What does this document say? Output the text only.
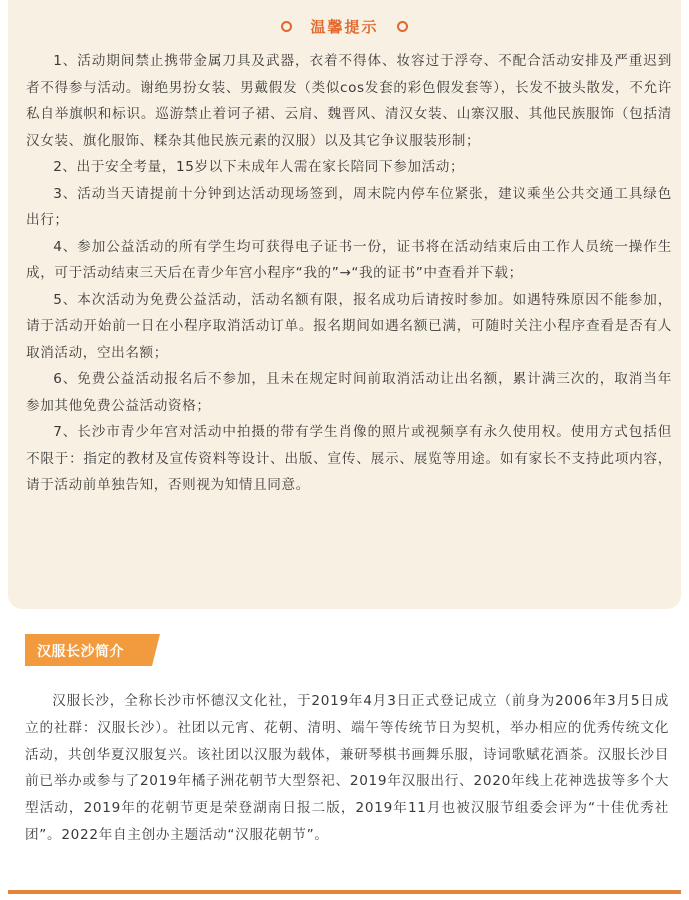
温馨提示

1、活动期间禁止携带金属刀具及武器，衣着不得体、妆容过于浮夸、不配合活动安排及严重迟到者不得参与活动。谢绝男扮女装、男戴假发（类似cos发套的彩色假发套等），长发不披头散发，不允许私自举旗帜和标识。巡游禁止着诃子裙、云肩、魏晋风、清汉女装、山寨汉服、其他民族服饰（包括清汉女装、旗化服饰、糅杂其他民族元素的汉服）以及其它争议服装形制；

2、出于安全考量，15岁以下未成年人需在家长陪同下参加活动；

3、活动当天请提前十分钟到达活动现场签到，周末院内停车位紧张，建议乘坐公共交通工具绿色出行；

4、参加公益活动的所有学生均可获得电子证书一份，证书将在活动结束后由工作人员统一操作生成，可于活动结束三天后在青少年宫小程序“我的”→“我的证书”中查看并下载；

5、本次活动为免费公益活动，活动名额有限，报名成功后请按时参加。如遇特殊原因不能参加，请于活动开始前一日在小程序取消活动订单。报名期间如遇名额已满，可随时关注小程序查看是否有人取消活动，空出名额；

6、免费公益活动报名后不参加，且未在规定时间前取消活动让出名额，累计满三次的，取消当年参加其他免费公益活动资格；

7、长沙市青少年宫对活动中拍摄的带有学生肖像的照片或视频享有永久使用权。使用方式包括但不限于：指定的教材及宣传资料等设计、出版、宣传、展示、展览等用途。如有家长不支持此项内容，请于活动前单独告知，否则视为知情且同意。

汉服长沙简介

汉服长沙，全称长沙市怀德汉文化社，于2019年4月3日正式登记成立（前身为2006年3月5日成立的社群：汉服长沙）。社团以元宵、花朝、清明、端午等传统节日为契机，举办相应的优秀传统文化活动，共创华夏汉服复兴。该社团以汉服为载体，兼研琴棋书画舞乐服，诗词歌赋花酒茶。汉服长沙目前已举办或参与了2019年橘子洲花朝节大型祭祀、2019年汉服出行、2020年线上花神选拔等多个大型活动，2019年的花朝节更是荣登湖南日报二版，2019年11月也被汉服节组委会评为“十佳优秀社团”。2022年自主创办主题活动“汉服花朝节”。
